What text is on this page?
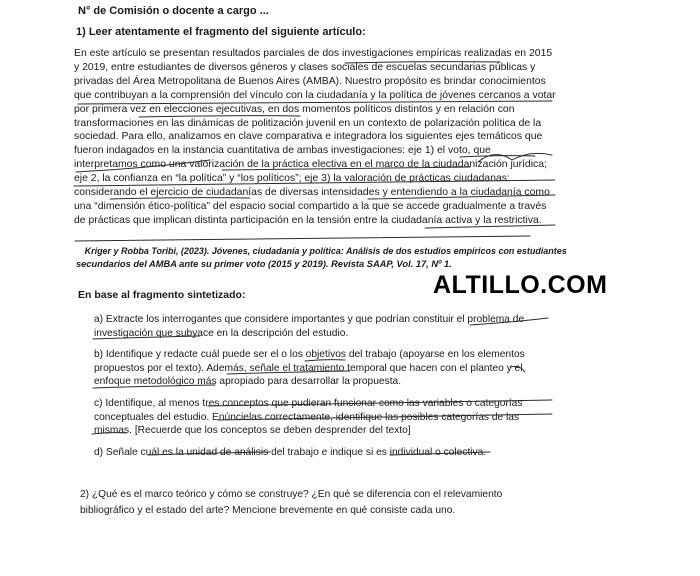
N° de Comisión o docente a cargo ...
1) Leer atentamente el fragmento del siguiente artículo:
En este artículo se presentan resultados parciales de dos investigaciones empíricas realizadas en 2015
y 2019, entre estudiantes de diversos géneros y clases sociales de escuelas secundarias públicas y
privadas del Área Metropolitana de Buenos Aires (AMBA). Nuestro propósito es brindar conocimientos
que contribuyan a la comprensión del vínculo con la ciudadanía y la política de jóvenes cercanos a votar
por primera vez en elecciones ejecutivas, en dos momentos políticos distintos y en relación con
transformaciones en las dinámicas de politización juvenil en un contexto de polarización política de la
sociedad. Para ello, analizamos en clave comparativa e integradora los siguientes ejes temáticos que
fueron indagados en la instancia cuantitativa de ambas investigaciones: eje 1) el voto, que
interpretamos como una valorización de la práctica electiva en el marco de la ciudadanización jurídica;
eje 2, la confianza en “la política” y “los políticos”; eje 3) la valoración de prácticas ciudadanas:
considerando el ejercicio de ciudadanías de diversas intensidades y entendiendo a la ciudadanía como
una “dimensión ético-política” del espacio social compartido a la que se accede gradualmente a través
de prácticas que implican distinta participación en la tensión entre la ciudadanía activa y la restrictiva.
Kriger y Robba Toribi, (2023). Jóvenes, ciudadanía y política: Análisis de dos estudios empíricos con estudiantes
secundarios del AMBA ante su primer voto (2015 y 2019). Revista SAAP, Vol. 17, Nº 1.
ALTILLO.COM
En base al fragmento sintetizado:
a) Extracte los interrogantes que considere importantes y que podrían constituir el problema de
investigación que subyace en la descripción del estudio.
b) Identifique y redacte cuál puede ser el o los objetivos del trabajo (apoyarse en los elementos
propuestos por el texto). Además, señale el tratamiento temporal que hacen con el planteo y el
enfoque metodológico más apropiado para desarrollar la propuesta.
c) Identifique, al menos tres conceptos que pudieran funcionar como las variables o categorías
conceptuales del estudio. Enúncielas correctamente, identifique las posibles categorías de las
mismas. [Recuerde que los conceptos se deben desprender del texto]
d) Señale cuál es la unidad de análisis del trabajo e indique si es individual o colectiva.
2) ¿Qué es el marco teórico y cómo se construye? ¿En qué se diferencia con el relevamiento
bibliográfico y el estado del arte? Mencione brevemente en qué consiste cada uno.
